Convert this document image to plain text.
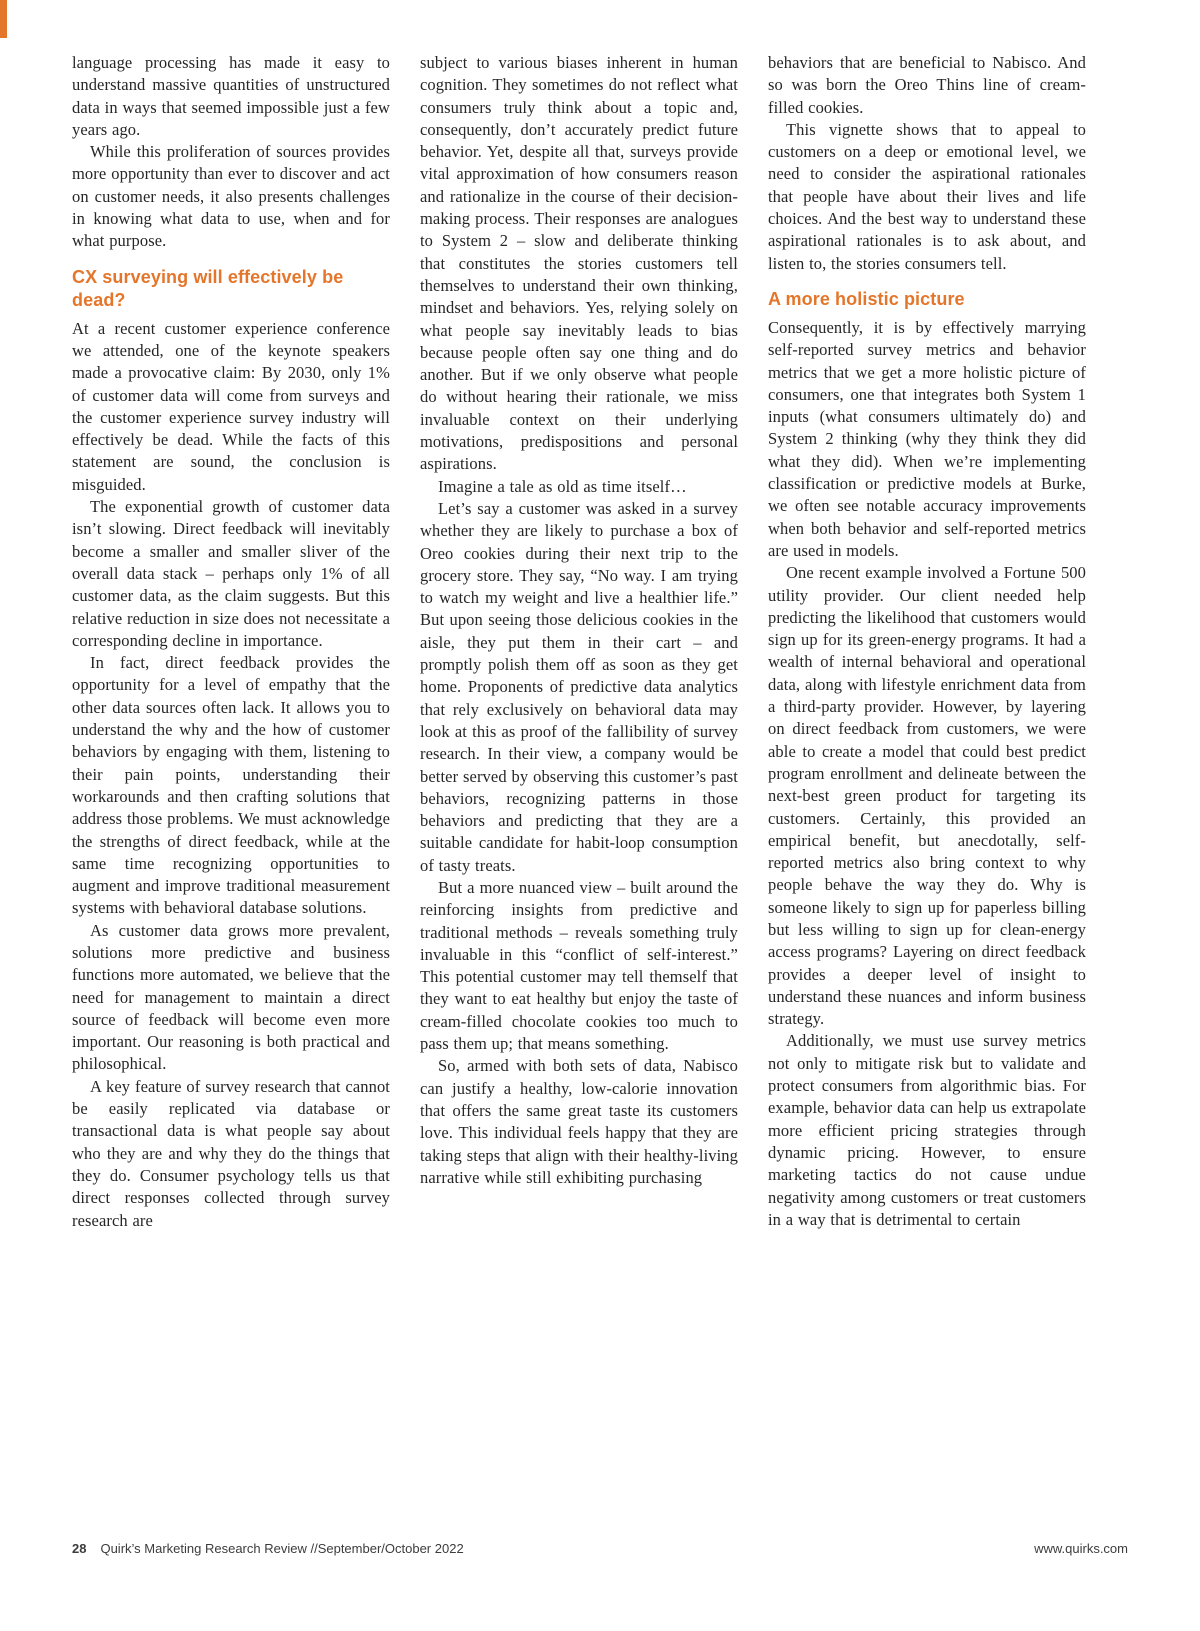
language processing has made it easy to understand massive quantities of unstructured data in ways that seemed impossible just a few years ago.

While this proliferation of sources provides more opportunity than ever to discover and act on customer needs, it also presents challenges in knowing what data to use, when and for what purpose.

CX surveying will effectively be dead?

At a recent customer experience conference we attended, one of the keynote speakers made a provocative claim: By 2030, only 1% of customer data will come from surveys and the customer experience survey industry will effectively be dead. While the facts of this statement are sound, the conclusion is misguided.

The exponential growth of customer data isn’t slowing. Direct feedback will inevitably become a smaller and smaller sliver of the overall data stack – perhaps only 1% of all customer data, as the claim suggests. But this relative reduction in size does not necessitate a corresponding decline in importance.

In fact, direct feedback provides the opportunity for a level of empathy that the other data sources often lack. It allows you to understand the why and the how of customer behaviors by engaging with them, listening to their pain points, understanding their workarounds and then crafting solutions that address those problems. We must acknowledge the strengths of direct feedback, while at the same time recognizing opportunities to augment and improve traditional measurement systems with behavioral database solutions.

As customer data grows more prevalent, solutions more predictive and business functions more automated, we believe that the need for management to maintain a direct source of feedback will become even more important. Our reasoning is both practical and philosophical.

A key feature of survey research that cannot be easily replicated via database or transactional data is what people say about who they are and why they do the things that they do. Consumer psychology tells us that direct responses collected through survey research are

subject to various biases inherent in human cognition. They sometimes do not reflect what consumers truly think about a topic and, consequently, don’t accurately predict future behavior. Yet, despite all that, surveys provide vital approximation of how consumers reason and rationalize in the course of their decision-making process. Their responses are analogues to System 2 – slow and deliberate thinking that constitutes the stories customers tell themselves to understand their own thinking, mindset and behaviors. Yes, relying solely on what people say inevitably leads to bias because people often say one thing and do another. But if we only observe what people do without hearing their rationale, we miss invaluable context on their underlying motivations, predispositions and personal aspirations.

Imagine a tale as old as time itself…

Let’s say a customer was asked in a survey whether they are likely to purchase a box of Oreo cookies during their next trip to the grocery store. They say, “No way. I am trying to watch my weight and live a healthier life.” But upon seeing those delicious cookies in the aisle, they put them in their cart – and promptly polish them off as soon as they get home. Proponents of predictive data analytics that rely exclusively on behavioral data may look at this as proof of the fallibility of survey research. In their view, a company would be better served by observing this customer’s past behaviors, recognizing patterns in those behaviors and predicting that they are a suitable candidate for habit-loop consumption of tasty treats.

But a more nuanced view – built around the reinforcing insights from predictive and traditional methods – reveals something truly invaluable in this “conflict of self-interest.” This potential customer may tell themself that they want to eat healthy but enjoy the taste of cream-filled chocolate cookies too much to pass them up; that means something.

So, armed with both sets of data, Nabisco can justify a healthy, low-calorie innovation that offers the same great taste its customers love. This individual feels happy that they are taking steps that align with their healthy-living narrative while still exhibiting purchasing

behaviors that are beneficial to Nabisco. And so was born the Oreo Thins line of cream-filled cookies.

This vignette shows that to appeal to customers on a deep or emotional level, we need to consider the aspirational rationales that people have about their lives and life choices. And the best way to understand these aspirational rationales is to ask about, and listen to, the stories consumers tell.

A more holistic picture

Consequently, it is by effectively marrying self-reported survey metrics and behavior metrics that we get a more holistic picture of consumers, one that integrates both System 1 inputs (what consumers ultimately do) and System 2 thinking (why they think they did what they did). When we’re implementing classification or predictive models at Burke, we often see notable accuracy improvements when both behavior and self-reported metrics are used in models.

One recent example involved a Fortune 500 utility provider. Our client needed help predicting the likelihood that customers would sign up for its green-energy programs. It had a wealth of internal behavioral and operational data, along with lifestyle enrichment data from a third-party provider. However, by layering on direct feedback from customers, we were able to create a model that could best predict program enrollment and delineate between the next-best green product for targeting its customers. Certainly, this provided an empirical benefit, but anecdotally, self-reported metrics also bring context to why people behave the way they do. Why is someone likely to sign up for paperless billing but less willing to sign up for clean-energy access programs? Layering on direct feedback provides a deeper level of insight to understand these nuances and inform business strategy.

Additionally, we must use survey metrics not only to mitigate risk but to validate and protect consumers from algorithmic bias. For example, behavior data can help us extrapolate more efficient pricing strategies through dynamic pricing. However, to ensure marketing tactics do not cause undue negativity among customers or treat customers in a way that is detrimental to certain

28 Quirk’s Marketing Research Review //September/October 2022	www.quirks.com
